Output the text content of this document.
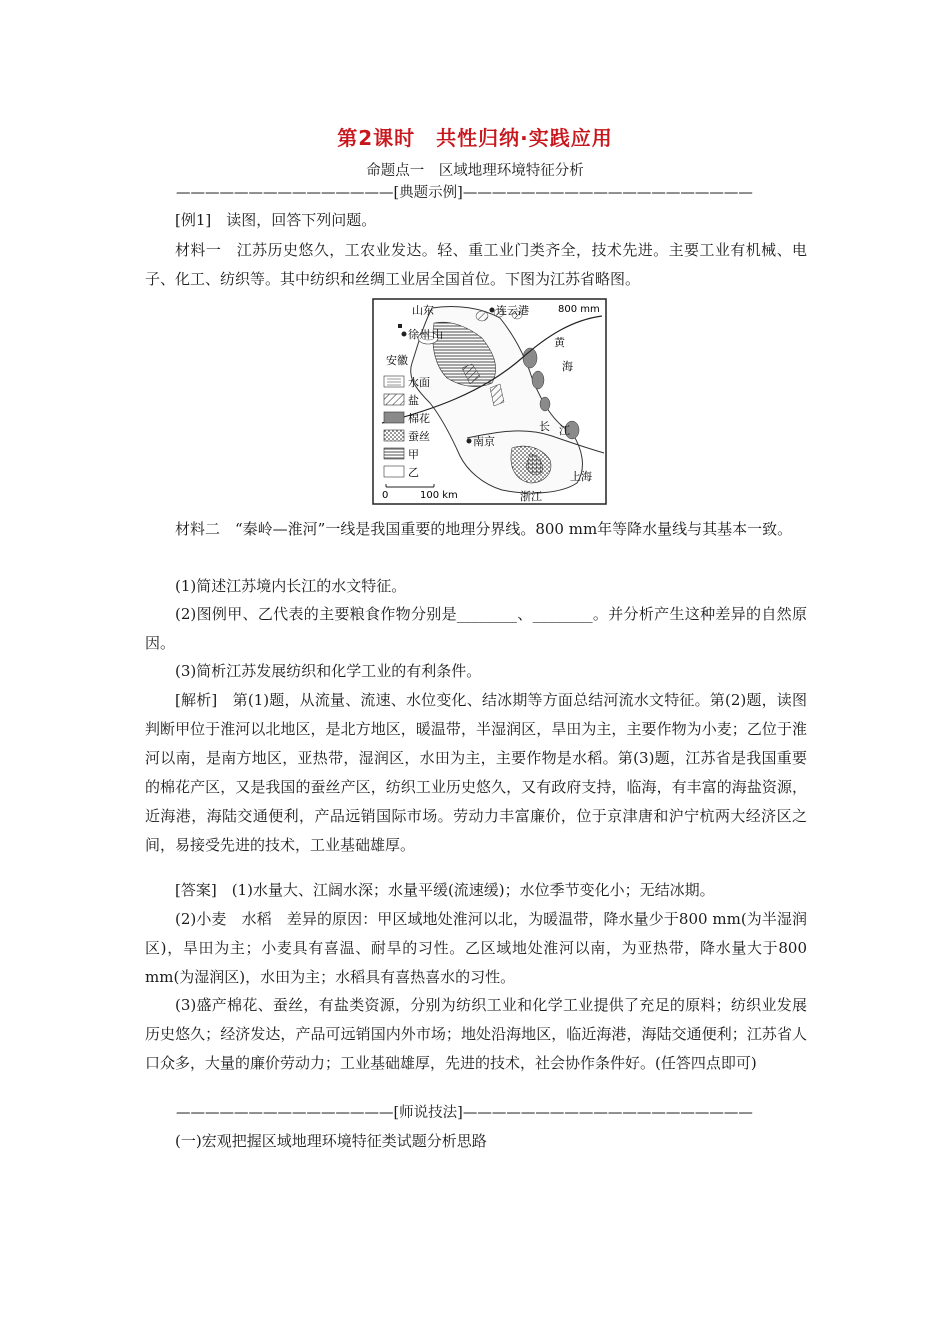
第2课时　共性归纳·实践应用
命题点一　区域地理环境特征分析
———————————————[典题示例]————————————————————

[例1]　读图，回答下列问题。

材料一　江苏历史悠久，工农业发达。轻、重工业门类齐全，技术先进。主要工业有机械、电子、化工、纺织等。其中纺织和丝绸工业居全国首位。下图为江苏省略图。

山东	连云港	800 mm
徐州 山
安徽
黄
海
长 江
南京
上海
浙江
水面
盐
棉花
蚕丝
甲
乙
0	100 km

材料二　“秦岭—淮河”一线是我国重要的地理分界线。800 mm年等降水量线与其基本一致。

(1)简述江苏境内长江的水文特征。

(2)图例甲、乙代表的主要粮食作物分别是________、________。并分析产生这种差异的自然原因。

(3)简析江苏发展纺织和化学工业的有利条件。

[解析]　第(1)题，从流量、流速、水位变化、结冰期等方面总结河流水文特征。第(2)题，读图判断甲位于淮河以北地区，是北方地区，暖温带，半湿润区，旱田为主，主要作物为小麦；乙位于淮河以南，是南方地区，亚热带，湿润区，水田为主，主要作物是水稻。第(3)题，江苏省是我国重要的棉花产区，又是我国的蚕丝产区，纺织工业历史悠久，又有政府支持，临海，有丰富的海盐资源，近海港，海陆交通便利，产品远销国际市场。劳动力丰富廉价，位于京津唐和沪宁杭两大经济区之间，易接受先进的技术，工业基础雄厚。

[答案]　(1)水量大、江阔水深；水量平缓(流速缓)；水位季节变化小；无结冰期。

(2)小麦　水稻　差异的原因：甲区域地处淮河以北，为暖温带，降水量少于800 mm(为半湿润区)，旱田为主；小麦具有喜温、耐旱的习性。乙区域地处淮河以南，为亚热带，降水量大于800 mm(为湿润区)，水田为主；水稻具有喜热喜水的习性。

(3)盛产棉花、蚕丝，有盐类资源，分别为纺织工业和化学工业提供了充足的原料；纺织业发展历史悠久；经济发达，产品可远销国内外市场；地处沿海地区，临近海港，海陆交通便利；江苏省人口众多，大量的廉价劳动力；工业基础雄厚，先进的技术，社会协作条件好。(任答四点即可)

———————————————[师说技法]————————————————————

(一)宏观把握区域地理环境特征类试题分析思路
